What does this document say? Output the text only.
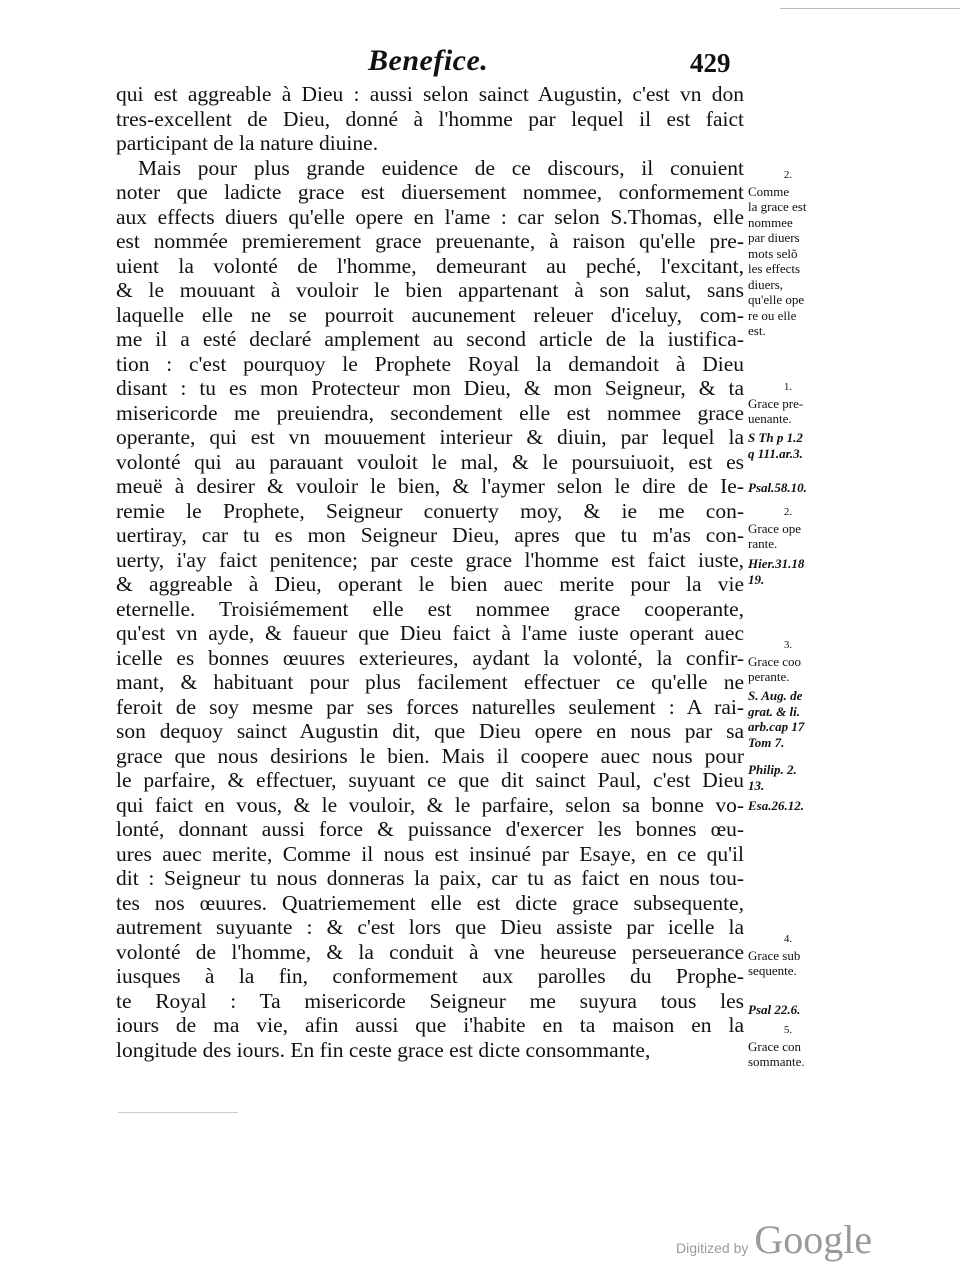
Benefice.	429
qui est aggreable à Dieu : aussi selon sainct Augustin, c'est vn don
tres-excellent de Dieu, donné à l'homme par lequel il est faict
participant de la nature diuine.
Mais pour plus grande euidence de ce discours, il conuient
noter que ladicte grace est diuersement nommee, conformement
aux effects diuers qu'elle opere en l'ame : car selon S.Thomas, elle
est nommée premierement grace preuenante, à raison qu'elle pre-
uient la volonté de l'homme, demeurant au peché, l'excitant,
& le mouuant à vouloir le bien appartenant à son salut, sans
laquelle elle ne se pourroit aucunement releuer d'iceluy, com-
me il a esté declaré amplement au second article de la iustifica-
tion : c'est pourquoy le Prophete Royal la demandoit à Dieu
disant : tu es mon Protecteur mon Dieu, & mon Seigneur, & ta
misericorde me preuiendra, secondement elle est nommee grace
operante, qui est vn mouuement interieur & diuin, par lequel la
volonté qui au parauant vouloit le mal, & le poursuiuoit, est es
meuë à desirer & vouloir le bien, & l'aymer selon le dire de Ie-
remie le Prophete, Seigneur conuerty moy, & ie me con-
uertiray, car tu es mon Seigneur Dieu, apres que tu m'as con-
uerty, i'ay faict penitence; par ceste grace l'homme est faict iuste,
& aggreable à Dieu, operant le bien auec merite pour la vie
eternelle. Troisiémement elle est nommee grace cooperante,
qu'est vn ayde, & faueur que Dieu faict à l'ame iuste operant auec
icelle es bonnes œuures exterieures, aydant la volonté, la confir-
mant, & habituant pour plus facilement effectuer ce qu'elle ne
feroit de soy mesme par ses forces naturelles seulement : A rai-
son dequoy sainct Augustin dit, que Dieu opere en nous par sa
grace que nous desirions le bien. Mais il coopere auec nous pour
le parfaire, & effectuer, suyuant ce que dit sainct Paul, c'est Dieu
qui faict en vous, & le vouloir, & le parfaire, selon sa bonne vo-
lonté, donnant aussi force & puissance d'exercer les bonnes œu-
ures auec merite, Comme il nous est insinué par Esaye, en ce qu'il
dit : Seigneur tu nous donneras la paix, car tu as faict en nous tou-
tes nos œuures. Quatriemement elle est dicte grace subsequente,
autrement suyuante : & c'est lors que Dieu assiste par icelle la
volonté de l'homme, & la conduit à vne heureuse perseuerance
iusques à la fin, conformement aux parolles du Prophe-
te Royal : Ta misericorde Seigneur me suyura tous les
iours de ma vie, afin aussi que i'habite en ta maison en la
longitude des iours. En fin ceste grace est dicte consommante,
2.
Comme
la grace est
nommee
par diuers
mots selõ
les effects
diuers,
qu'elle ope
re ou elle
est.
1.
Grace pre-
uenante.
S Th p 1.2
q 111.ar.3.
Psal.58.10.
2.
Grace ope
rante.
Hier.31.18
19.
3.
Grace coo
perante.
S. Aug. de
grat. & li.
arb.cap 17
Tom 7.
Philip. 2.
13.
Esa.26.12.
4.
Grace sub
sequente.
Psal 22.6.
5.
Grace con
sommante.
Digitized by Google
